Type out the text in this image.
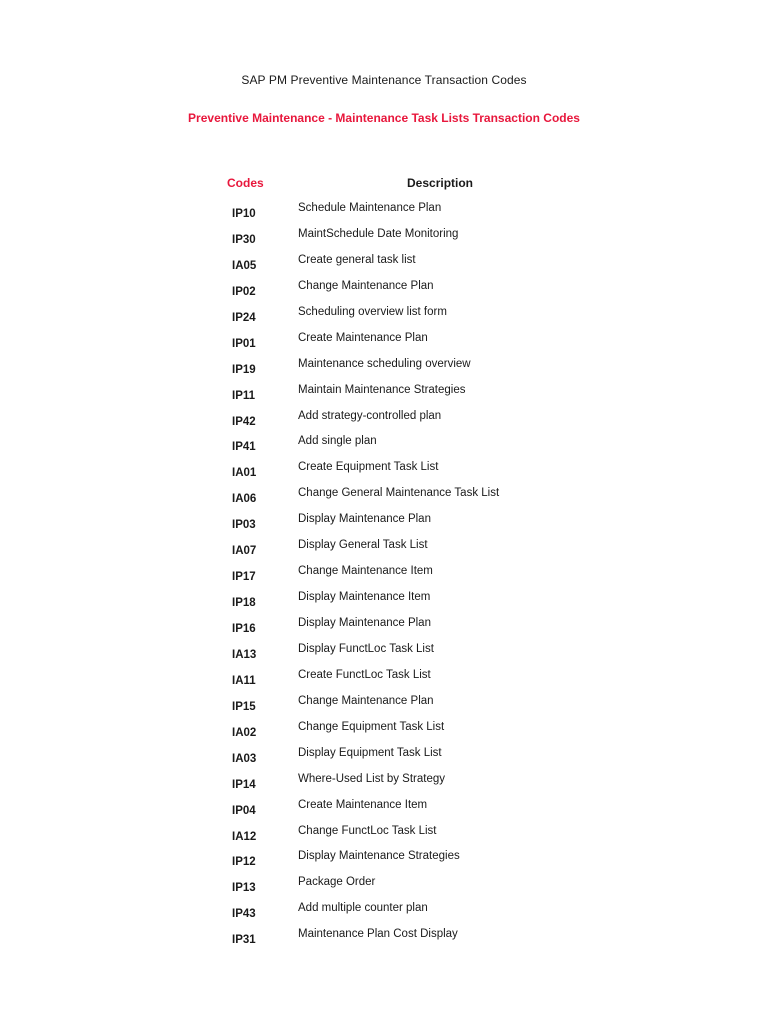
SAP PM Preventive Maintenance Transaction Codes
Preventive Maintenance - Maintenance Task Lists Transaction Codes
Codes	Description
IP10	Schedule Maintenance Plan
IP30	MaintSchedule Date Monitoring
IA05	Create general task list
IP02	Change Maintenance Plan
IP24	Scheduling overview list form
IP01	Create Maintenance Plan
IP19	Maintenance scheduling overview
IP11	Maintain Maintenance Strategies
IP42	Add strategy-controlled plan
IP41	Add single plan
IA01	Create Equipment Task List
IA06	Change General Maintenance Task List
IP03	Display Maintenance Plan
IA07	Display General Task List
IP17	Change Maintenance Item
IP18	Display Maintenance Item
IP16	Display Maintenance Plan
IA13	Display FunctLoc Task List
IA11	Create FunctLoc Task List
IP15	Change Maintenance Plan
IA02	Change Equipment Task List
IA03	Display Equipment Task List
IP14	Where-Used List by Strategy
IP04	Create Maintenance Item
IA12	Change FunctLoc Task List
IP12	Display Maintenance Strategies
IP13	Package Order
IP43	Add multiple counter plan
IP31	Maintenance Plan Cost Display
